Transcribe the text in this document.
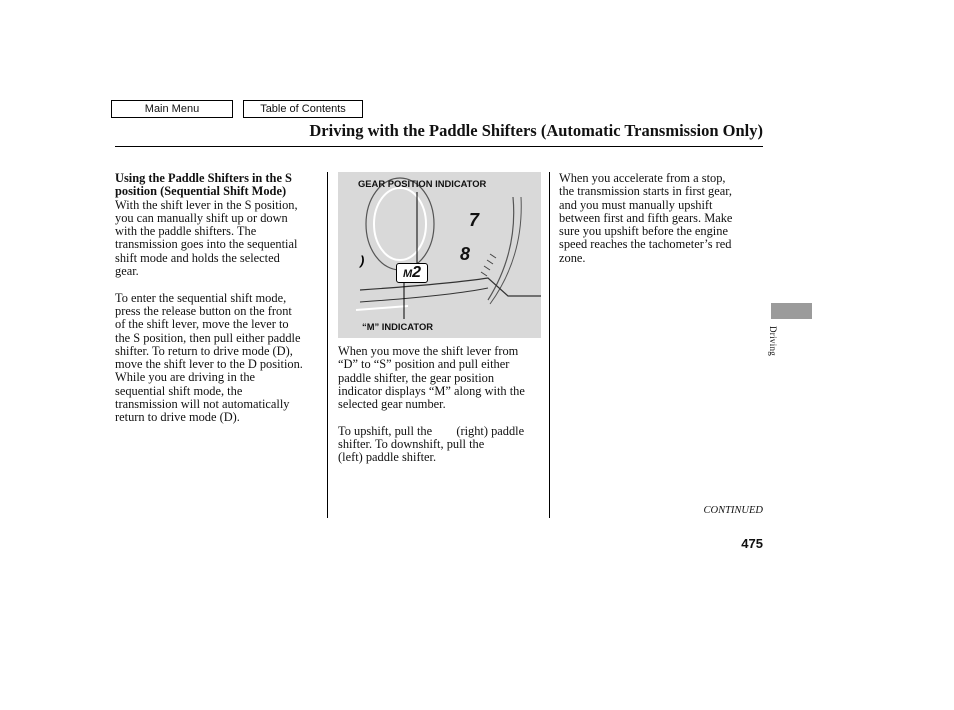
Main Menu	Table of Contents
Driving with the Paddle Shifters (Automatic Transmission Only)

Using the Paddle Shifters in the S

position (Sequential Shift Mode)

With the shift lever in the S position,

you can manually shift up or down

with the paddle shifters. The

transmission goes into the sequential

shift mode and holds the selected

gear.

To enter the sequential shift mode,

press the release button on the front

of the shift lever, move the lever to

the S position, then pull either paddle

shifter. To return to drive mode (D),

move the shift lever to the D position.

While you are driving in the

sequential shift mode, the

transmission will not automatically

return to drive mode (D).

)
GEAR POSITION INDICATOR
“M” INDICATOR
7
8
M2

When you move the shift lever from

“D” to “S” position and pull either

paddle shifter, the gear position

indicator displays “M” along with the

selected gear number.

To upshift, pull the (right) paddle

shifter. To downshift, pull the

(left) paddle shifter.

When you accelerate from a stop,

the transmission starts in first gear,

and you must manually upshift

between first and fifth gears. Make

sure you upshift before the engine

speed reaches the tachometer’s red

zone.

Driving
CONTINUED
475
